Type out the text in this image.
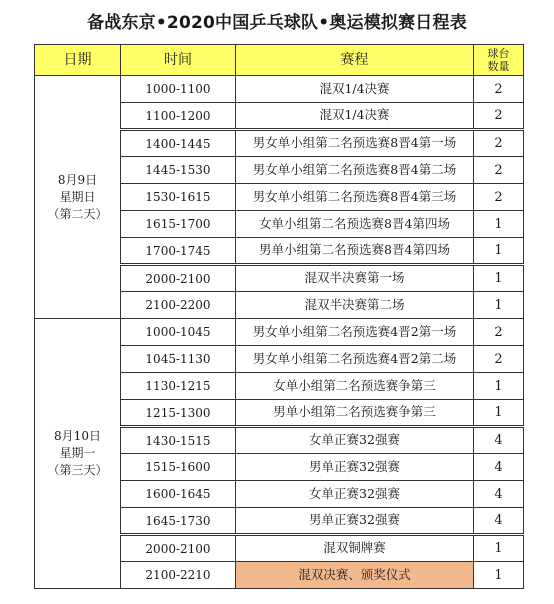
备战东京•2020中国乒乓球队•奥运模拟赛日程表
日期	时间	赛程	球台
数量
8月9日
星期日
（第二天）	1000-1100	混双1/4决赛	2
	1100-1200	混双1/4决赛	2
	1400-1445	男女单小组第二名预选赛8晋4第一场	2
	1445-1530	男女单小组第二名预选赛8晋4第二场	2
	1530-1615	男女单小组第二名预选赛8晋4第三场	2
	1615-1700	女单小组第二名预选赛8晋4第四场	1
	1700-1745	男单小组第二名预选赛8晋4第四场	1
	2000-2100	混双半决赛第一场	1
	2100-2200	混双半决赛第二场	1
8月10日
星期一
（第三天）	1000-1045	男女单小组第二名预选赛4晋2第一场	2
	1045-1130	男女单小组第二名预选赛4晋2第二场	2
	1130-1215	女单小组第二名预选赛争第三	1
	1215-1300	男单小组第二名预选赛争第三	1
	1430-1515	女单正赛32强赛	4
	1515-1600	男单正赛32强赛	4
	1600-1645	女单正赛32强赛	4
	1645-1730	男单正赛32强赛	4
	2000-2100	混双铜牌赛	1
	2100-2210	混双决赛、颁奖仪式	1
